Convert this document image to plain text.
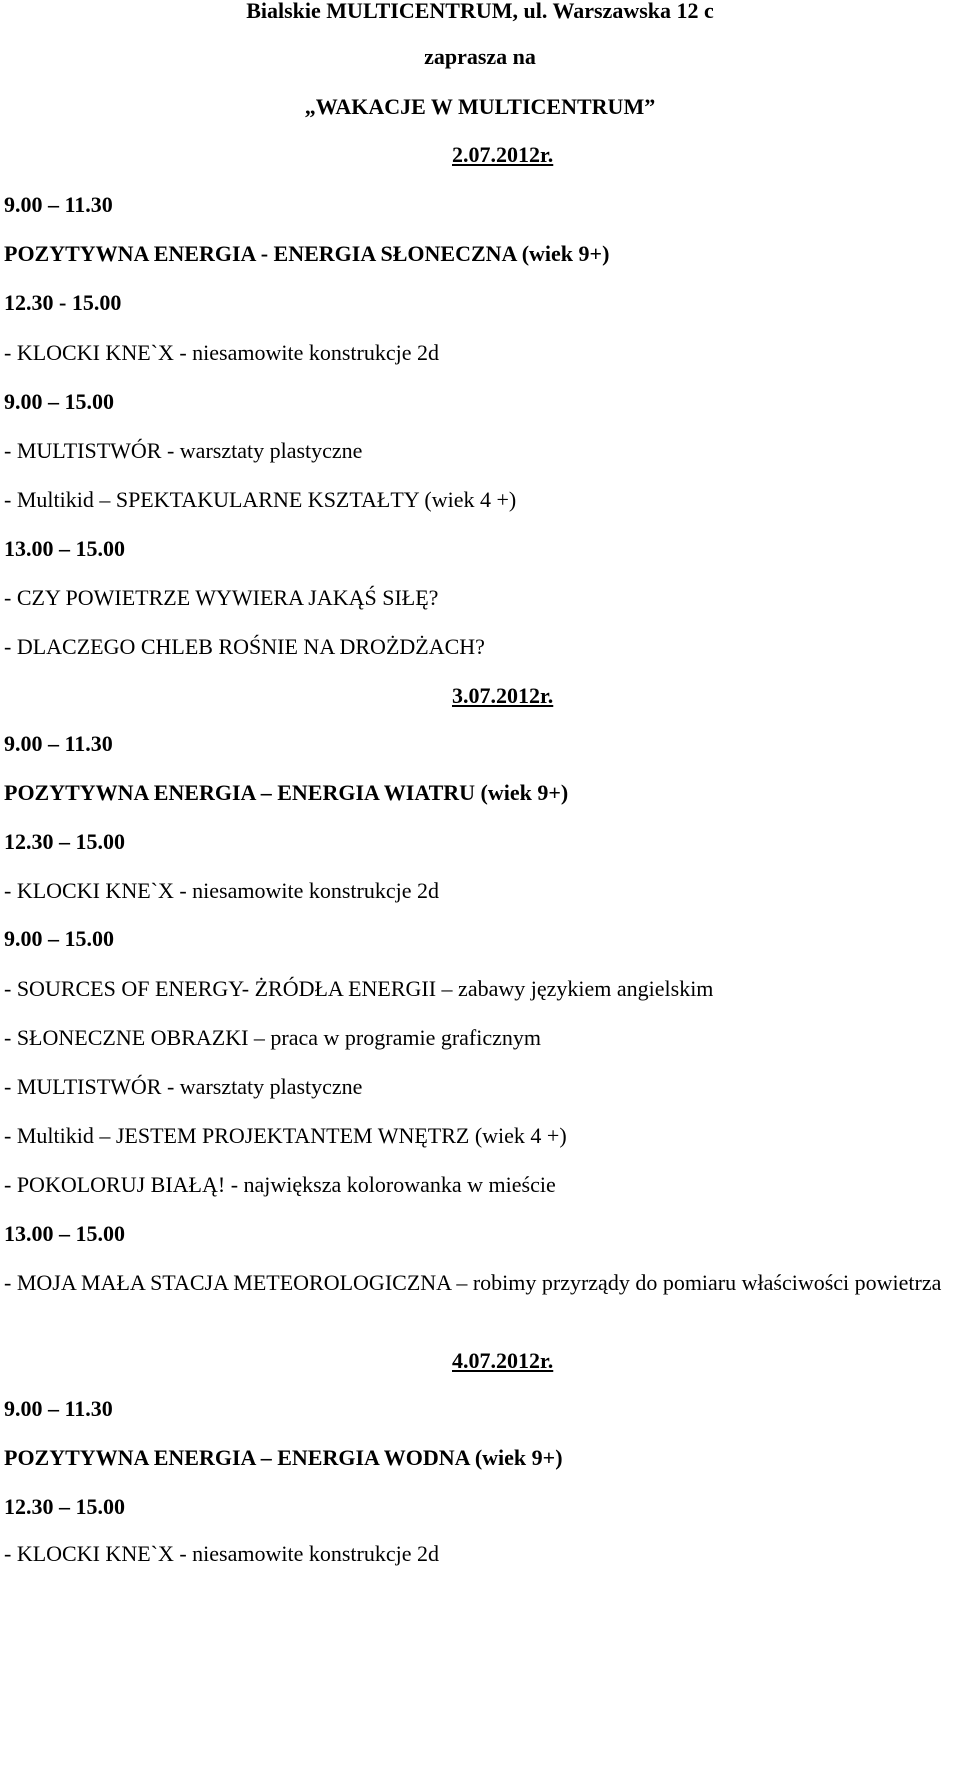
Bialskie MULTICENTRUM, ul. Warszawska 12 c
zaprasza na
„WAKACJE W MULTICENTRUM”
2.07.2012r.
9.00 – 11.30
POZYTYWNA ENERGIA - ENERGIA SŁONECZNA (wiek 9+)
12.30 - 15.00
- KLOCKI KNE`X - niesamowite konstrukcje 2d
9.00 – 15.00
- MULTISTWÓR - warsztaty plastyczne
- Multikid – SPEKTAKULARNE KSZTAŁTY (wiek 4 +)
13.00 – 15.00
- CZY POWIETRZE WYWIERA JAKĄŚ SIŁĘ?
- DLACZEGO CHLEB ROŚNIE NA DROŻDŻACH?
3.07.2012r.
9.00 – 11.30
POZYTYWNA ENERGIA – ENERGIA WIATRU (wiek 9+)
12.30 – 15.00
- KLOCKI KNE`X - niesamowite konstrukcje 2d
9.00 – 15.00
- SOURCES OF ENERGY- ŻRÓDŁA ENERGII – zabawy językiem angielskim
- SŁONECZNE OBRAZKI – praca w programie graficznym
- MULTISTWÓR - warsztaty plastyczne
- Multikid – JESTEM PROJEKTANTEM WNĘTRZ (wiek 4 +)
- POKOLORUJ BIAŁĄ! - największa kolorowanka w mieście
13.00 – 15.00
- MOJA MAŁA STACJA METEOROLOGICZNA – robimy przyrządy do pomiaru właściwości powietrza
4.07.2012r.
9.00 – 11.30
POZYTYWNA ENERGIA – ENERGIA WODNA (wiek 9+)
12.30 – 15.00
- KLOCKI KNE`X - niesamowite konstrukcje 2d
